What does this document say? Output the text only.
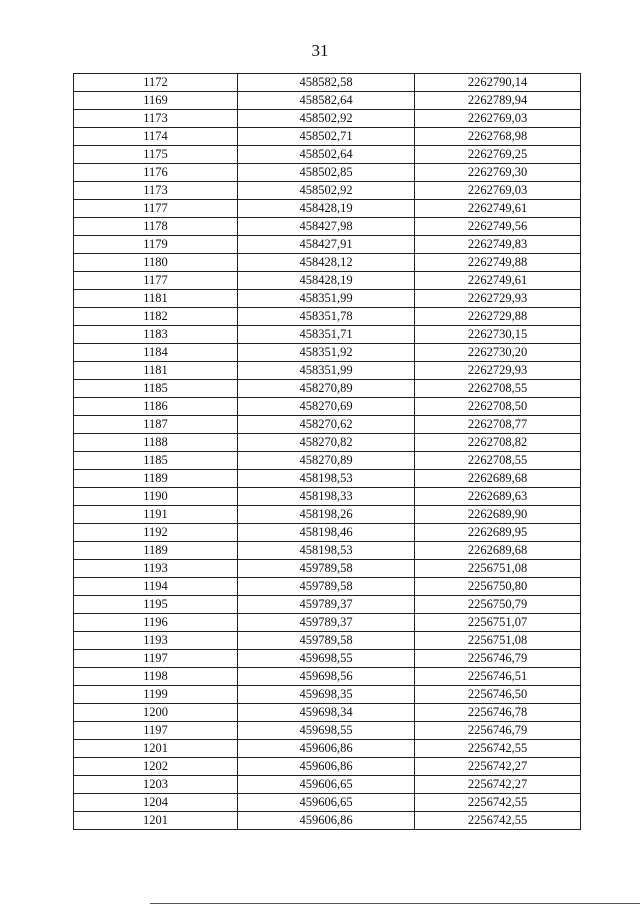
31
1172	458582,58	2262790,14
1169	458582,64	2262789,94
1173	458502,92	2262769,03
1174	458502,71	2262768,98
1175	458502,64	2262769,25
1176	458502,85	2262769,30
1173	458502,92	2262769,03
1177	458428,19	2262749,61
1178	458427,98	2262749,56
1179	458427,91	2262749,83
1180	458428,12	2262749,88
1177	458428,19	2262749,61
1181	458351,99	2262729,93
1182	458351,78	2262729,88
1183	458351,71	2262730,15
1184	458351,92	2262730,20
1181	458351,99	2262729,93
1185	458270,89	2262708,55
1186	458270,69	2262708,50
1187	458270,62	2262708,77
1188	458270,82	2262708,82
1185	458270,89	2262708,55
1189	458198,53	2262689,68
1190	458198,33	2262689,63
1191	458198,26	2262689,90
1192	458198,46	2262689,95
1189	458198,53	2262689,68
1193	459789,58	2256751,08
1194	459789,58	2256750,80
1195	459789,37	2256750,79
1196	459789,37	2256751,07
1193	459789,58	2256751,08
1197	459698,55	2256746,79
1198	459698,56	2256746,51
1199	459698,35	2256746,50
1200	459698,34	2256746,78
1197	459698,55	2256746,79
1201	459606,86	2256742,55
1202	459606,86	2256742,27
1203	459606,65	2256742,27
1204	459606,65	2256742,55
1201	459606,86	2256742,55
